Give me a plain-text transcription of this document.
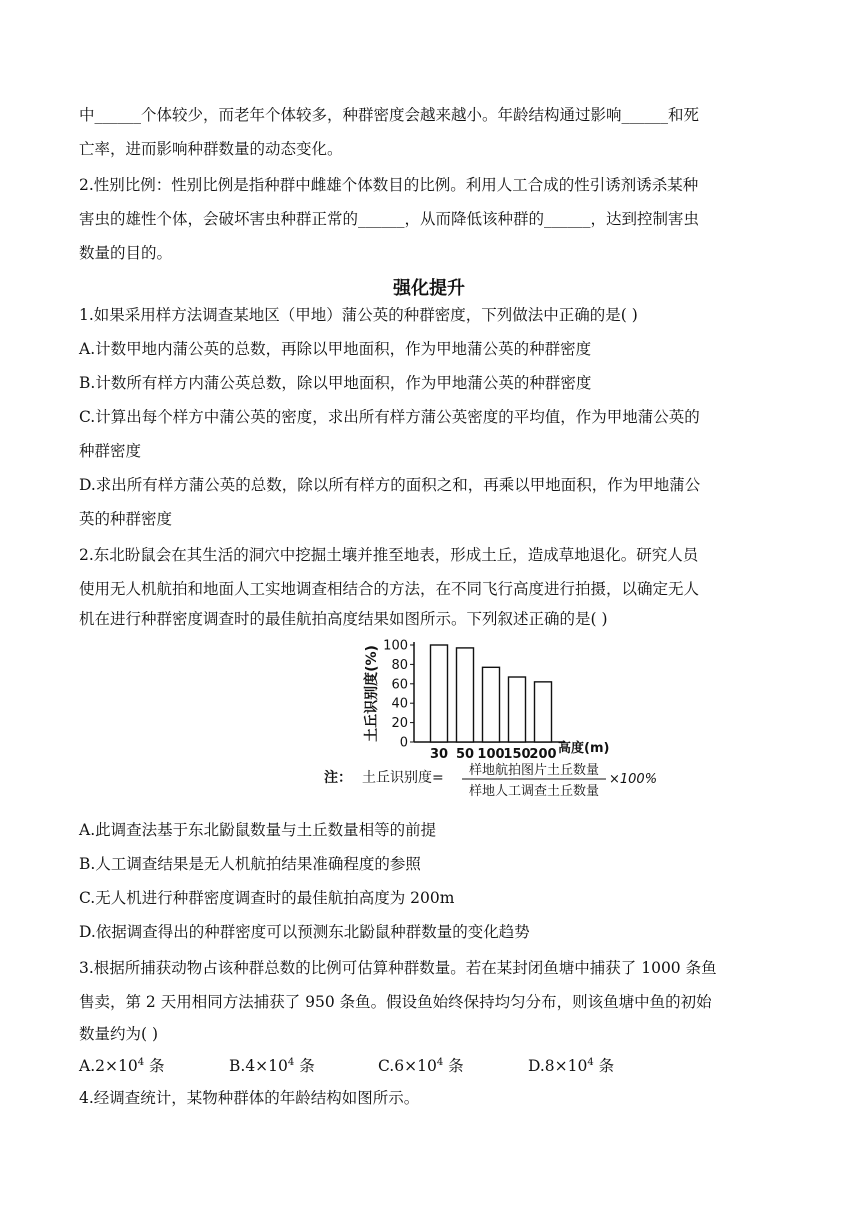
中______个体较少，而老年个体较多，种群密度会越来越小。年龄结构通过影响______和死
亡率，进而影响种群数量的动态变化。
2.性别比例：性别比例是指种群中雌雄个体数目的比例。利用人工合成的性引诱剂诱杀某种
害虫的雄性个体，会破坏害虫种群正常的______，从而降低该种群的______，达到控制害虫
数量的目的。
强化提升
1.如果采用样方法调查某地区（甲地）蒲公英的种群密度，下列做法中正确的是( )
A.计数甲地内蒲公英的总数，再除以甲地面积，作为甲地蒲公英的种群密度
B.计数所有样方内蒲公英总数，除以甲地面积，作为甲地蒲公英的种群密度
C.计算出每个样方中蒲公英的密度，求出所有样方蒲公英密度的平均值，作为甲地蒲公英的
种群密度
D.求出所有样方蒲公英的总数，除以所有样方的面积之和，再乘以甲地面积，作为甲地蒲公
英的种群密度
2.东北盼鼠会在其生活的洞穴中挖掘土壤并推至地表，形成土丘，造成草地退化。研究人员
使用无人机航拍和地面人工实地调查相结合的方法，在不同飞行高度进行拍摄，以确定无人
机在进行种群密度调查时的最佳航拍高度结果如图所示。下列叙述正确的是( )
0
20
40
60
80
100
土丘识别度(%)
30 50 100
150
200 高度(m)
注： 土丘识别度= 样地航拍图片土丘数量
样地人工调查土丘数量
×100%
A.此调查法基于东北鼢鼠数量与土丘数量相等的前提
B.人工调查结果是无人机航拍结果准确程度的参照
C.无人机进行种群密度调查时的最佳航拍高度为 200m
D.依据调查得出的种群密度可以预测东北鼢鼠种群数量的变化趋势
3.根据所捕获动物占该种群总数的比例可估算种群数量。若在某封闭鱼塘中捕获了 1000 条鱼
售卖，第 2 天用相同方法捕获了 950 条鱼。假设鱼始终保持均匀分布，则该鱼塘中鱼的初始
数量约为( )
$A.2\times 10^4$ 条	$B.4\times 10^4$ 条	$C.6\times 10^4$ 条	$D.8\times 10^4$ 条
4.经调查统计，某物种群体的年龄结构如图所示。
